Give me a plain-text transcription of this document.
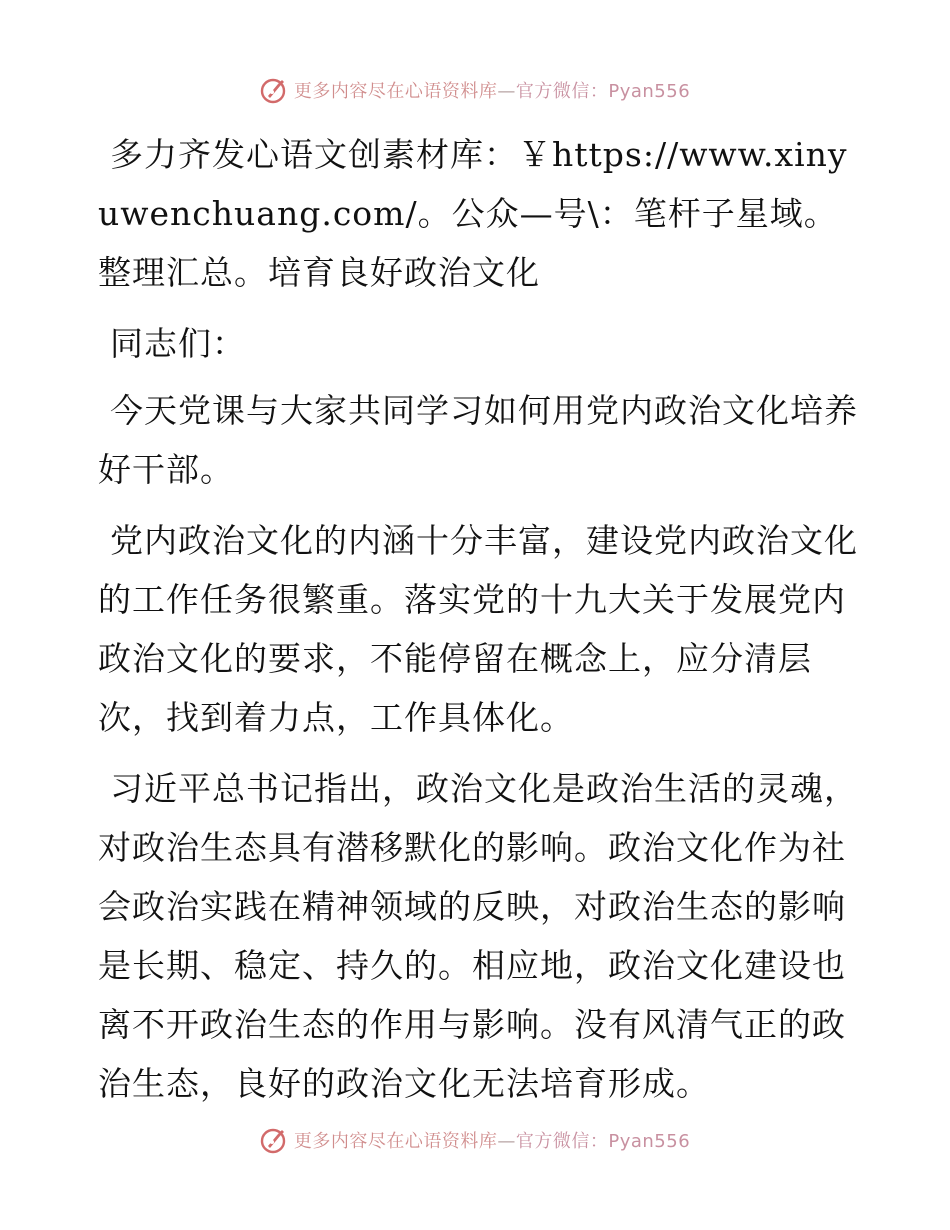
更多内容尽在心语资料库—官方微信：Pyan556

多力齐发心语文创素材库：￥https://www.xinyuwenchuang.com/。公众—号\：笔杆子星域。整理汇总。培育良好政治文化

同志们：

今天党课与大家共同学习如何用党内政治文化培养好干部。

党内政治文化的内涵十分丰富，建设党内政治文化的工作任务很繁重。落实党的十九大关于发展党内政治文化的要求，不能停留在概念上，应分清层次，找到着力点，工作具体化。

习近平总书记指出，政治文化是政治生活的灵魂，对政治生态具有潜移默化的影响。政治文化作为社会政治实践在精神领域的反映，对政治生态的影响是长期、稳定、持久的。相应地，政治文化建设也离不开政治生态的作用与影响。没有风清气正的政治生态，良好的政治文化无法培育形成。

更多内容尽在心语资料库—官方微信：Pyan556
